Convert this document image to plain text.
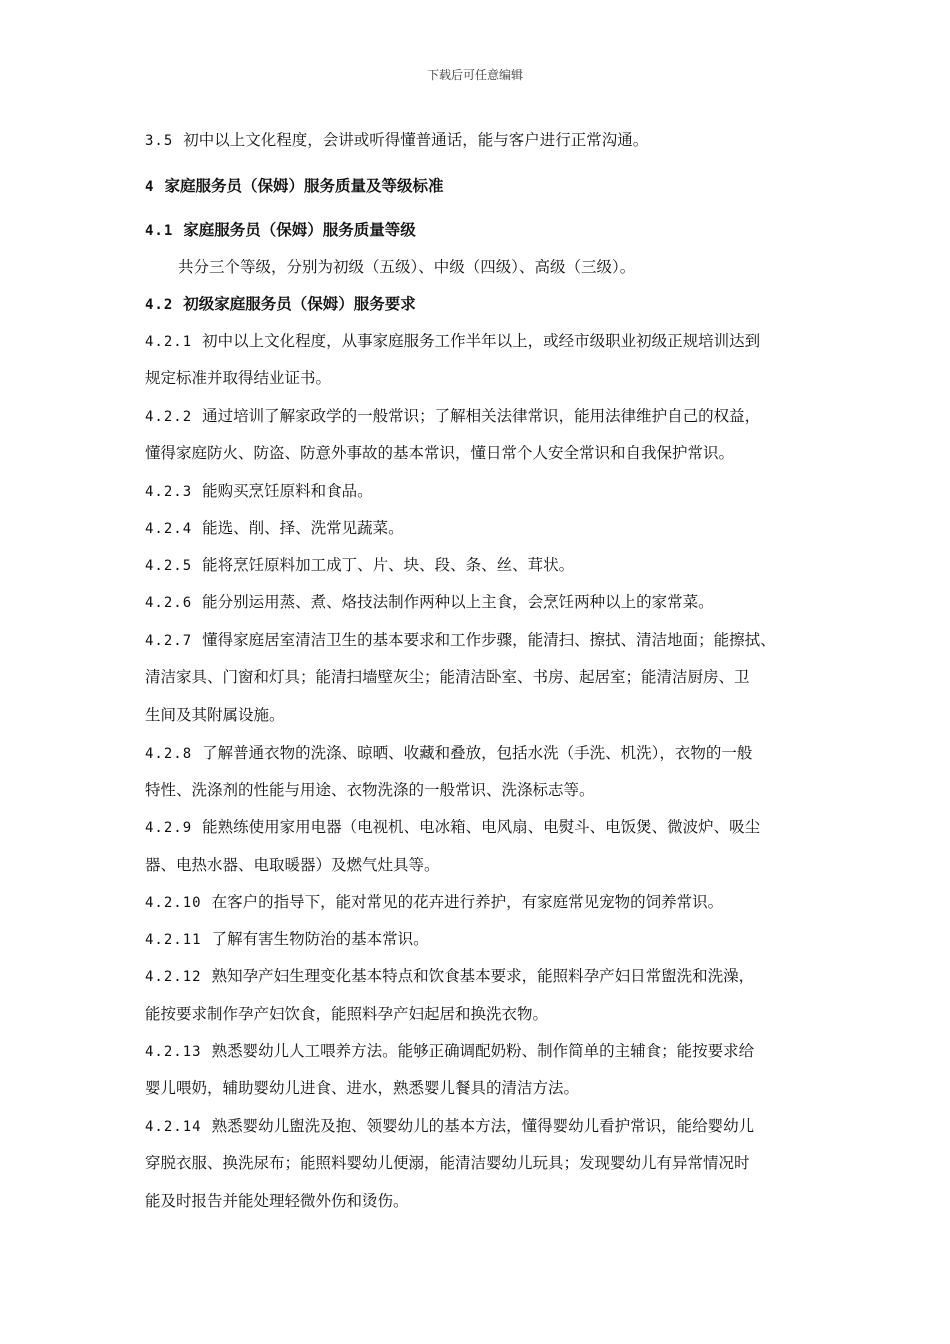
下载后可任意编辑
3.5 初中以上文化程度，会讲或听得懂普通话，能与客户进行正常沟通。
4 家庭服务员（保姆）服务质量及等级标准
4.1 家庭服务员（保姆）服务质量等级
共分三个等级，分别为初级（五级）、中级（四级）、高级（三级）。
4.2 初级家庭服务员（保姆）服务要求
4.2.1 初中以上文化程度，从事家庭服务工作半年以上，或经市级职业初级正规培训达到
规定标准并取得结业证书。
4.2.2 通过培训了解家政学的一般常识；了解相关法律常识，能用法律维护自己的权益，
懂得家庭防火、防盗、防意外事故的基本常识，懂日常个人安全常识和自我保护常识。
4.2.3 能购买烹饪原料和食品。
4.2.4 能选、削、择、洗常见蔬菜。
4.2.5 能将烹饪原料加工成丁、片、块、段、条、丝、茸状。
4.2.6 能分别运用蒸、煮、烙技法制作两种以上主食，会烹饪两种以上的家常菜。
4.2.7 懂得家庭居室清洁卫生的基本要求和工作步骤，能清扫、擦拭、清洁地面；能擦拭、
清洁家具、门窗和灯具；能清扫墙壁灰尘；能清洁卧室、书房、起居室；能清洁厨房、卫
生间及其附属设施。
4.2.8 了解普通衣物的洗涤、晾晒、收藏和叠放，包括水洗（手洗、机洗），衣物的一般
特性、洗涤剂的性能与用途、衣物洗涤的一般常识、洗涤标志等。
4.2.9 能熟练使用家用电器（电视机、电冰箱、电风扇、电熨斗、电饭煲、微波炉、吸尘
器、电热水器、电取暖器）及燃气灶具等。
4.2.10 在客户的指导下，能对常见的花卉进行养护，有家庭常见宠物的饲养常识。
4.2.11 了解有害生物防治的基本常识。
4.2.12 熟知孕产妇生理变化基本特点和饮食基本要求，能照料孕产妇日常盥洗和洗澡，
能按要求制作孕产妇饮食，能照料孕产妇起居和换洗衣物。
4.2.13 熟悉婴幼儿人工喂养方法。能够正确调配奶粉、制作简单的主辅食；能按要求给
婴儿喂奶，辅助婴幼儿进食、进水，熟悉婴儿餐具的清洁方法。
4.2.14 熟悉婴幼儿盥洗及抱、领婴幼儿的基本方法，懂得婴幼儿看护常识，能给婴幼儿
穿脱衣服、换洗尿布；能照料婴幼儿便溺，能清洁婴幼儿玩具；发现婴幼儿有异常情况时
能及时报告并能处理轻微外伤和烫伤。
